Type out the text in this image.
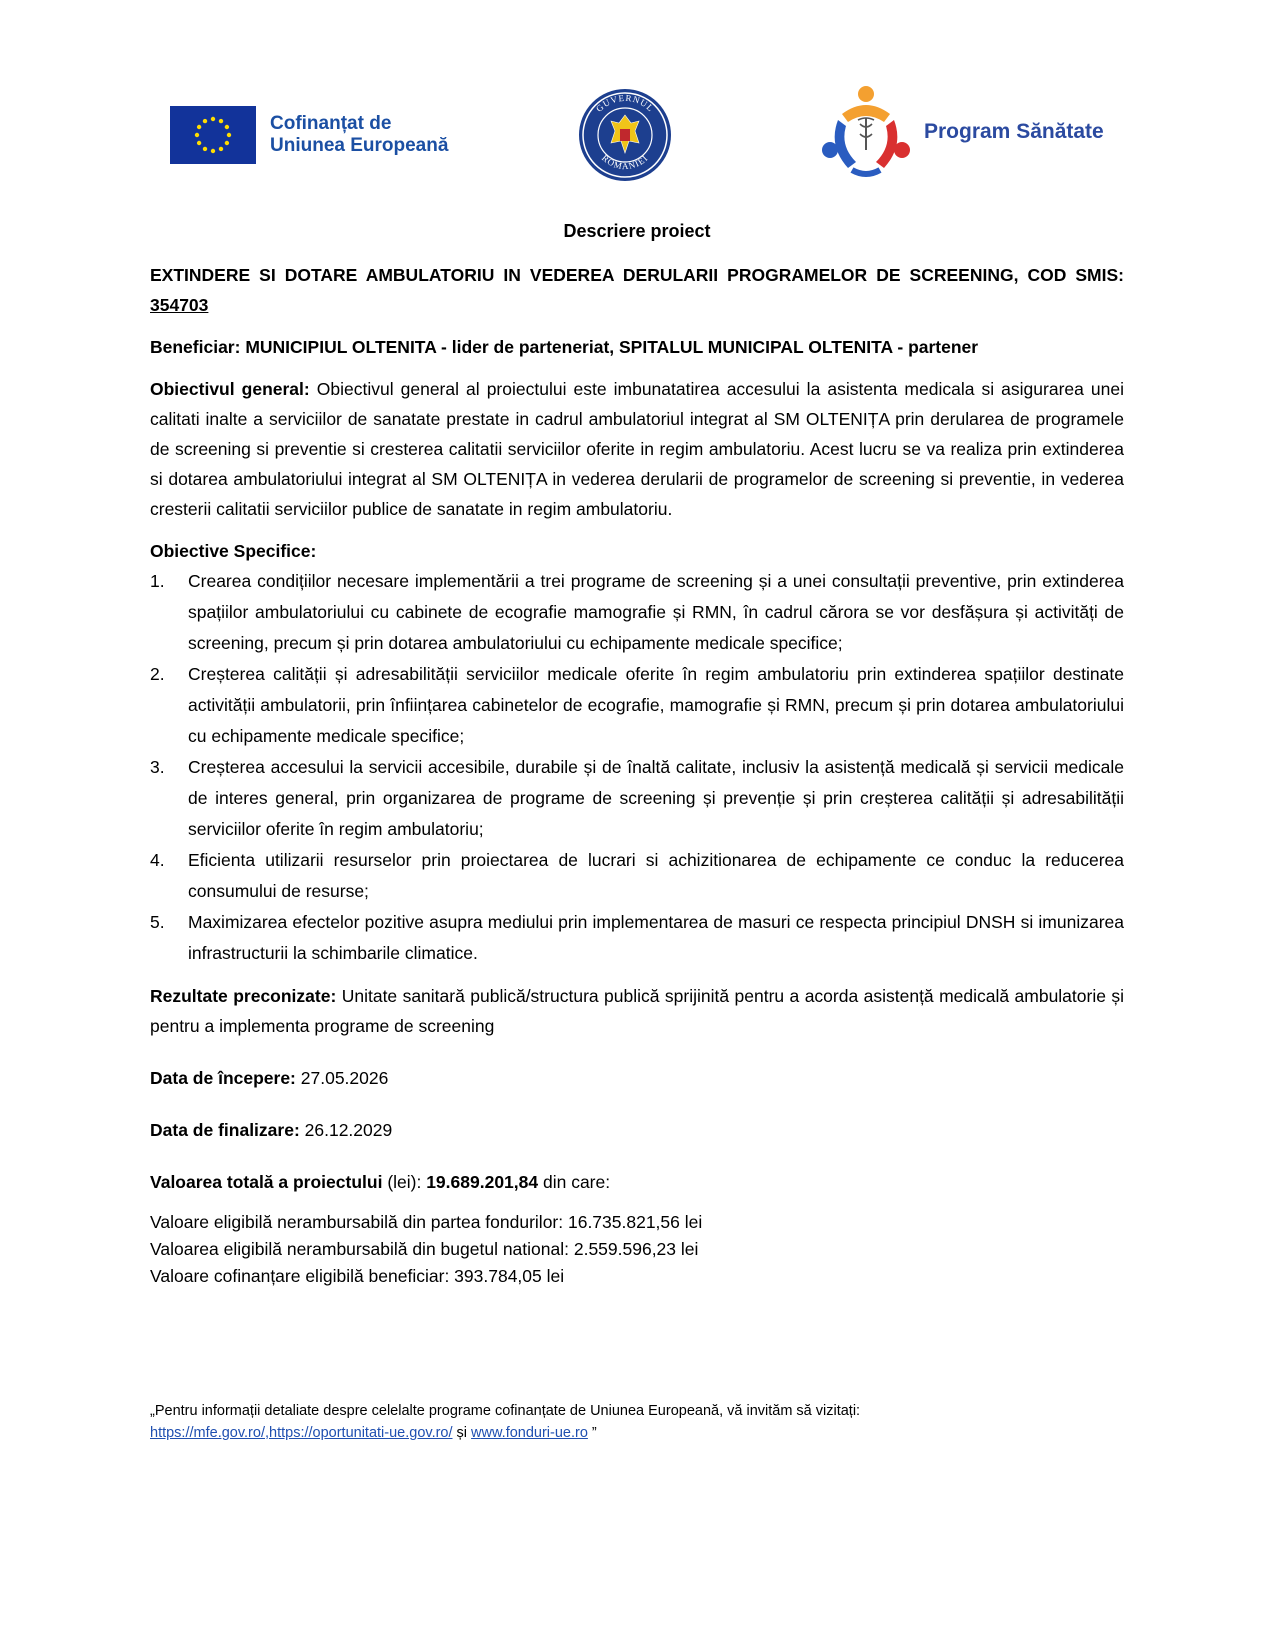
Cofinanțat de
Uniunea Europeană
GUVERNUL
ROMÂNIEI
Program Sănătate
Descriere proiect

EXTINDERE SI DOTARE AMBULATORIU IN VEDEREA DERULARII PROGRAMELOR DE SCREENING, COD SMIS: 354703

Beneficiar: MUNICIPIUL OLTENITA - lider de parteneriat, SPITALUL MUNICIPAL OLTENITA - partener

Obiectivul general: Obiectivul general al proiectului este imbunatatirea accesului la asistenta medicala si asigurarea unei calitati inalte a serviciilor de sanatate prestate in cadrul ambulatoriul integrat al SM OLTENIȚA prin derularea de programele de screening si preventie si cresterea calitatii serviciilor oferite in regim ambulatoriu. Acest lucru se va realiza prin extinderea si dotarea ambulatoriului integrat al SM OLTENIȚA in vederea derularii de programelor de screening si preventie, in vederea cresterii calitatii serviciilor publice de sanatate in regim ambulatoriu.

Obiective Specifice:
1. Crearea condițiilor necesare implementării a trei programe de screening și a unei consultații preventive, prin extinderea spațiilor ambulatoriului cu cabinete de ecografie mamografie și RMN, în cadrul cărora se vor desfășura și activități de screening, precum și prin dotarea ambulatoriului cu echipamente medicale specifice;
2. Creșterea calității și adresabilității serviciilor medicale oferite în regim ambulatoriu prin extinderea spațiilor destinate activității ambulatorii, prin înființarea cabinetelor de ecografie, mamografie și RMN, precum și prin dotarea ambulatoriului cu echipamente medicale specifice;
3. Creșterea accesului la servicii accesibile, durabile și de înaltă calitate, inclusiv la asistență medicală și servicii medicale de interes general, prin organizarea de programe de screening și prevenție și prin creșterea calității și adresabilității serviciilor oferite în regim ambulatoriu;
4. Eficienta utilizarii resurselor prin proiectarea de lucrari si achizitionarea de echipamente ce conduc la reducerea consumului de resurse;
5. Maximizarea efectelor pozitive asupra mediului prin implementarea de masuri ce respecta principiul DNSH si imunizarea infrastructurii la schimbarile climatice.

Rezultate preconizate: Unitate sanitară publică/structura publică sprijinită pentru a acorda asistență medicală ambulatorie și pentru a implementa programe de screening

Data de începere: 27.05.2026

Data de finalizare: 26.12.2029

Valoarea totală a proiectului (lei): 19.689.201,84 din care:

Valoare eligibilă nerambursabilă din partea fondurilor: 16.735.821,56 lei
Valoarea eligibilă nerambursabilă din bugetul national: 2.559.596,23 lei
Valoare cofinanțare eligibilă beneficiar: 393.784,05 lei
„Pentru informații detaliate despre celelalte programe cofinanțate de Uniunea Europeană, vă invităm să vizitați:
https://mfe.gov.ro/,https://oportunitati-ue.gov.ro/ și www.fonduri-ue.ro ”
